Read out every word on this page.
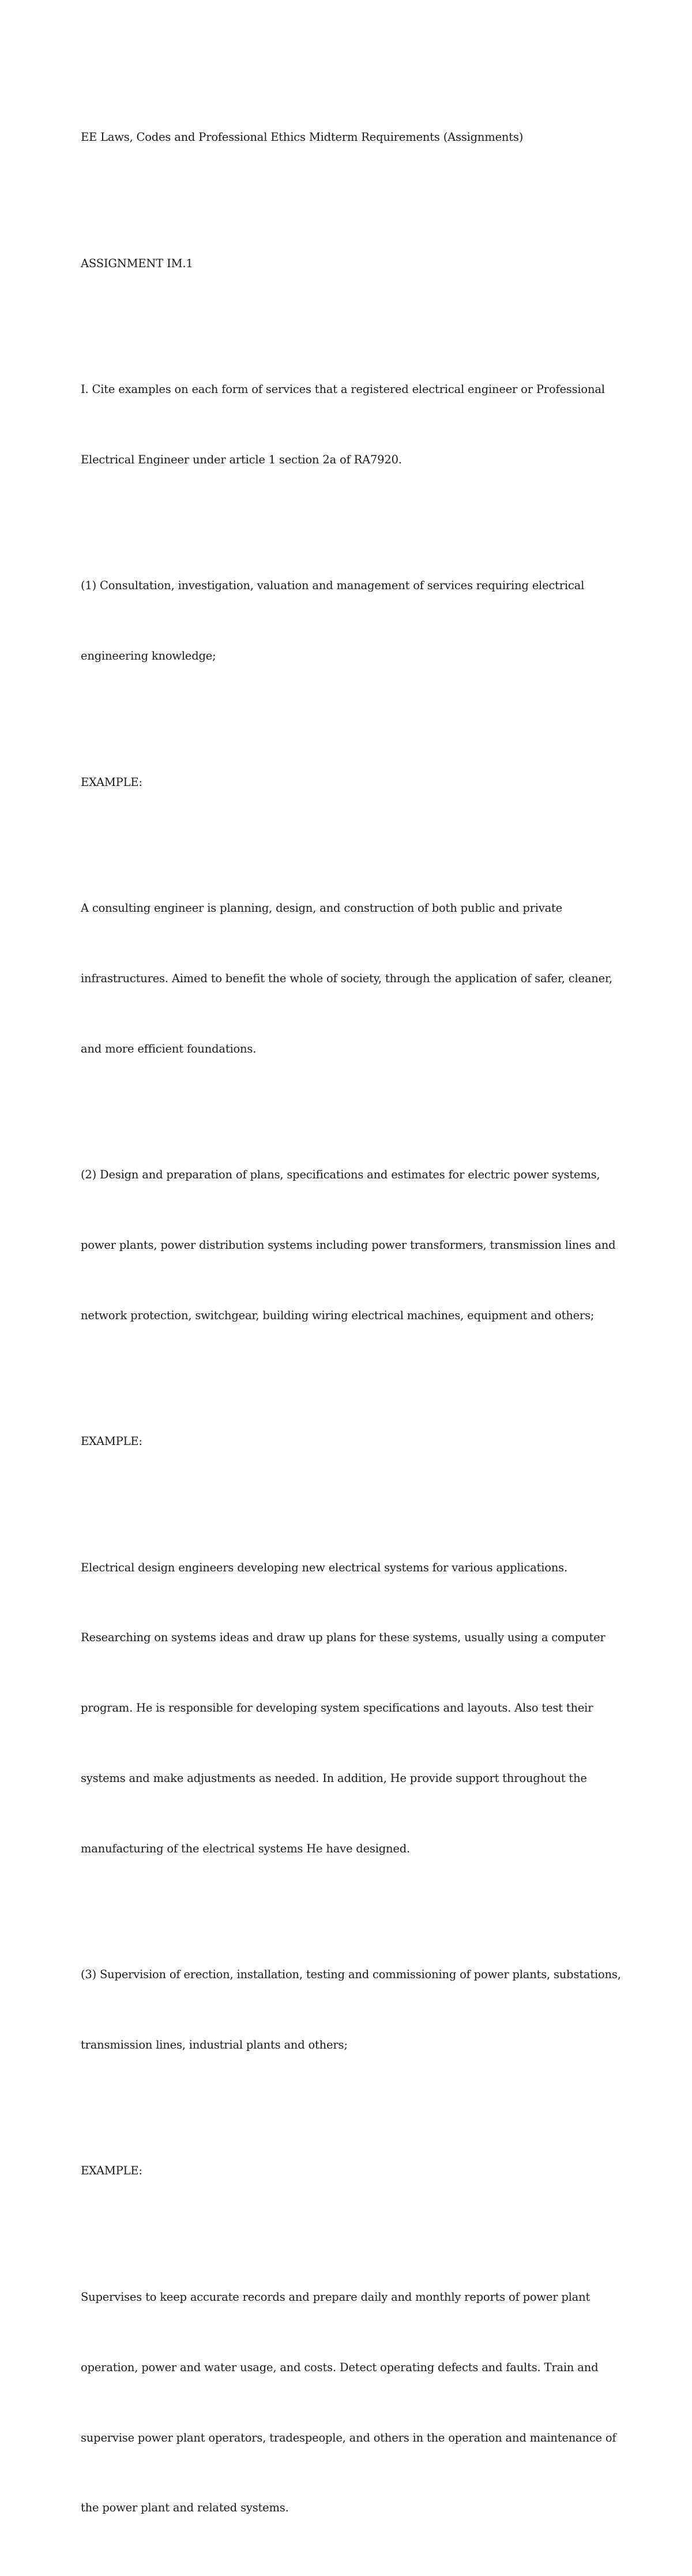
EE Laws, Codes and Professional Ethics Midterm Requirements (Assignments)

ASSIGNMENT IM.1

I. Cite examples on each form of services that a registered electrical engineer or Professional

Electrical Engineer under article 1 section 2a of RA7920.

(1) Consultation, investigation, valuation and management of services requiring electrical

engineering knowledge;

EXAMPLE:

A consulting engineer is planning, design, and construction of both public and private

infrastructures. Aimed to benefit the whole of society, through the application of safer, cleaner,

and more efficient foundations.

(2) Design and preparation of plans, specifications and estimates for electric power systems,

power plants, power distribution systems including power transformers, transmission lines and

network protection, switchgear, building wiring electrical machines, equipment and others;

EXAMPLE:

Electrical design engineers developing new electrical systems for various applications.

Researching on systems ideas and draw up plans for these systems, usually using a computer

program. He is responsible for developing system specifications and layouts. Also test their

systems and make adjustments as needed. In addition, He provide support throughout the

manufacturing of the electrical systems He have designed.

(3) Supervision of erection, installation, testing and commissioning of power plants, substations,

transmission lines, industrial plants and others;

EXAMPLE:

Supervises to keep accurate records and prepare daily and monthly reports of power plant

operation, power and water usage, and costs. Detect operating defects and faults. Train and

supervise power plant operators, tradespeople, and others in the operation and maintenance of

the power plant and related systems.
